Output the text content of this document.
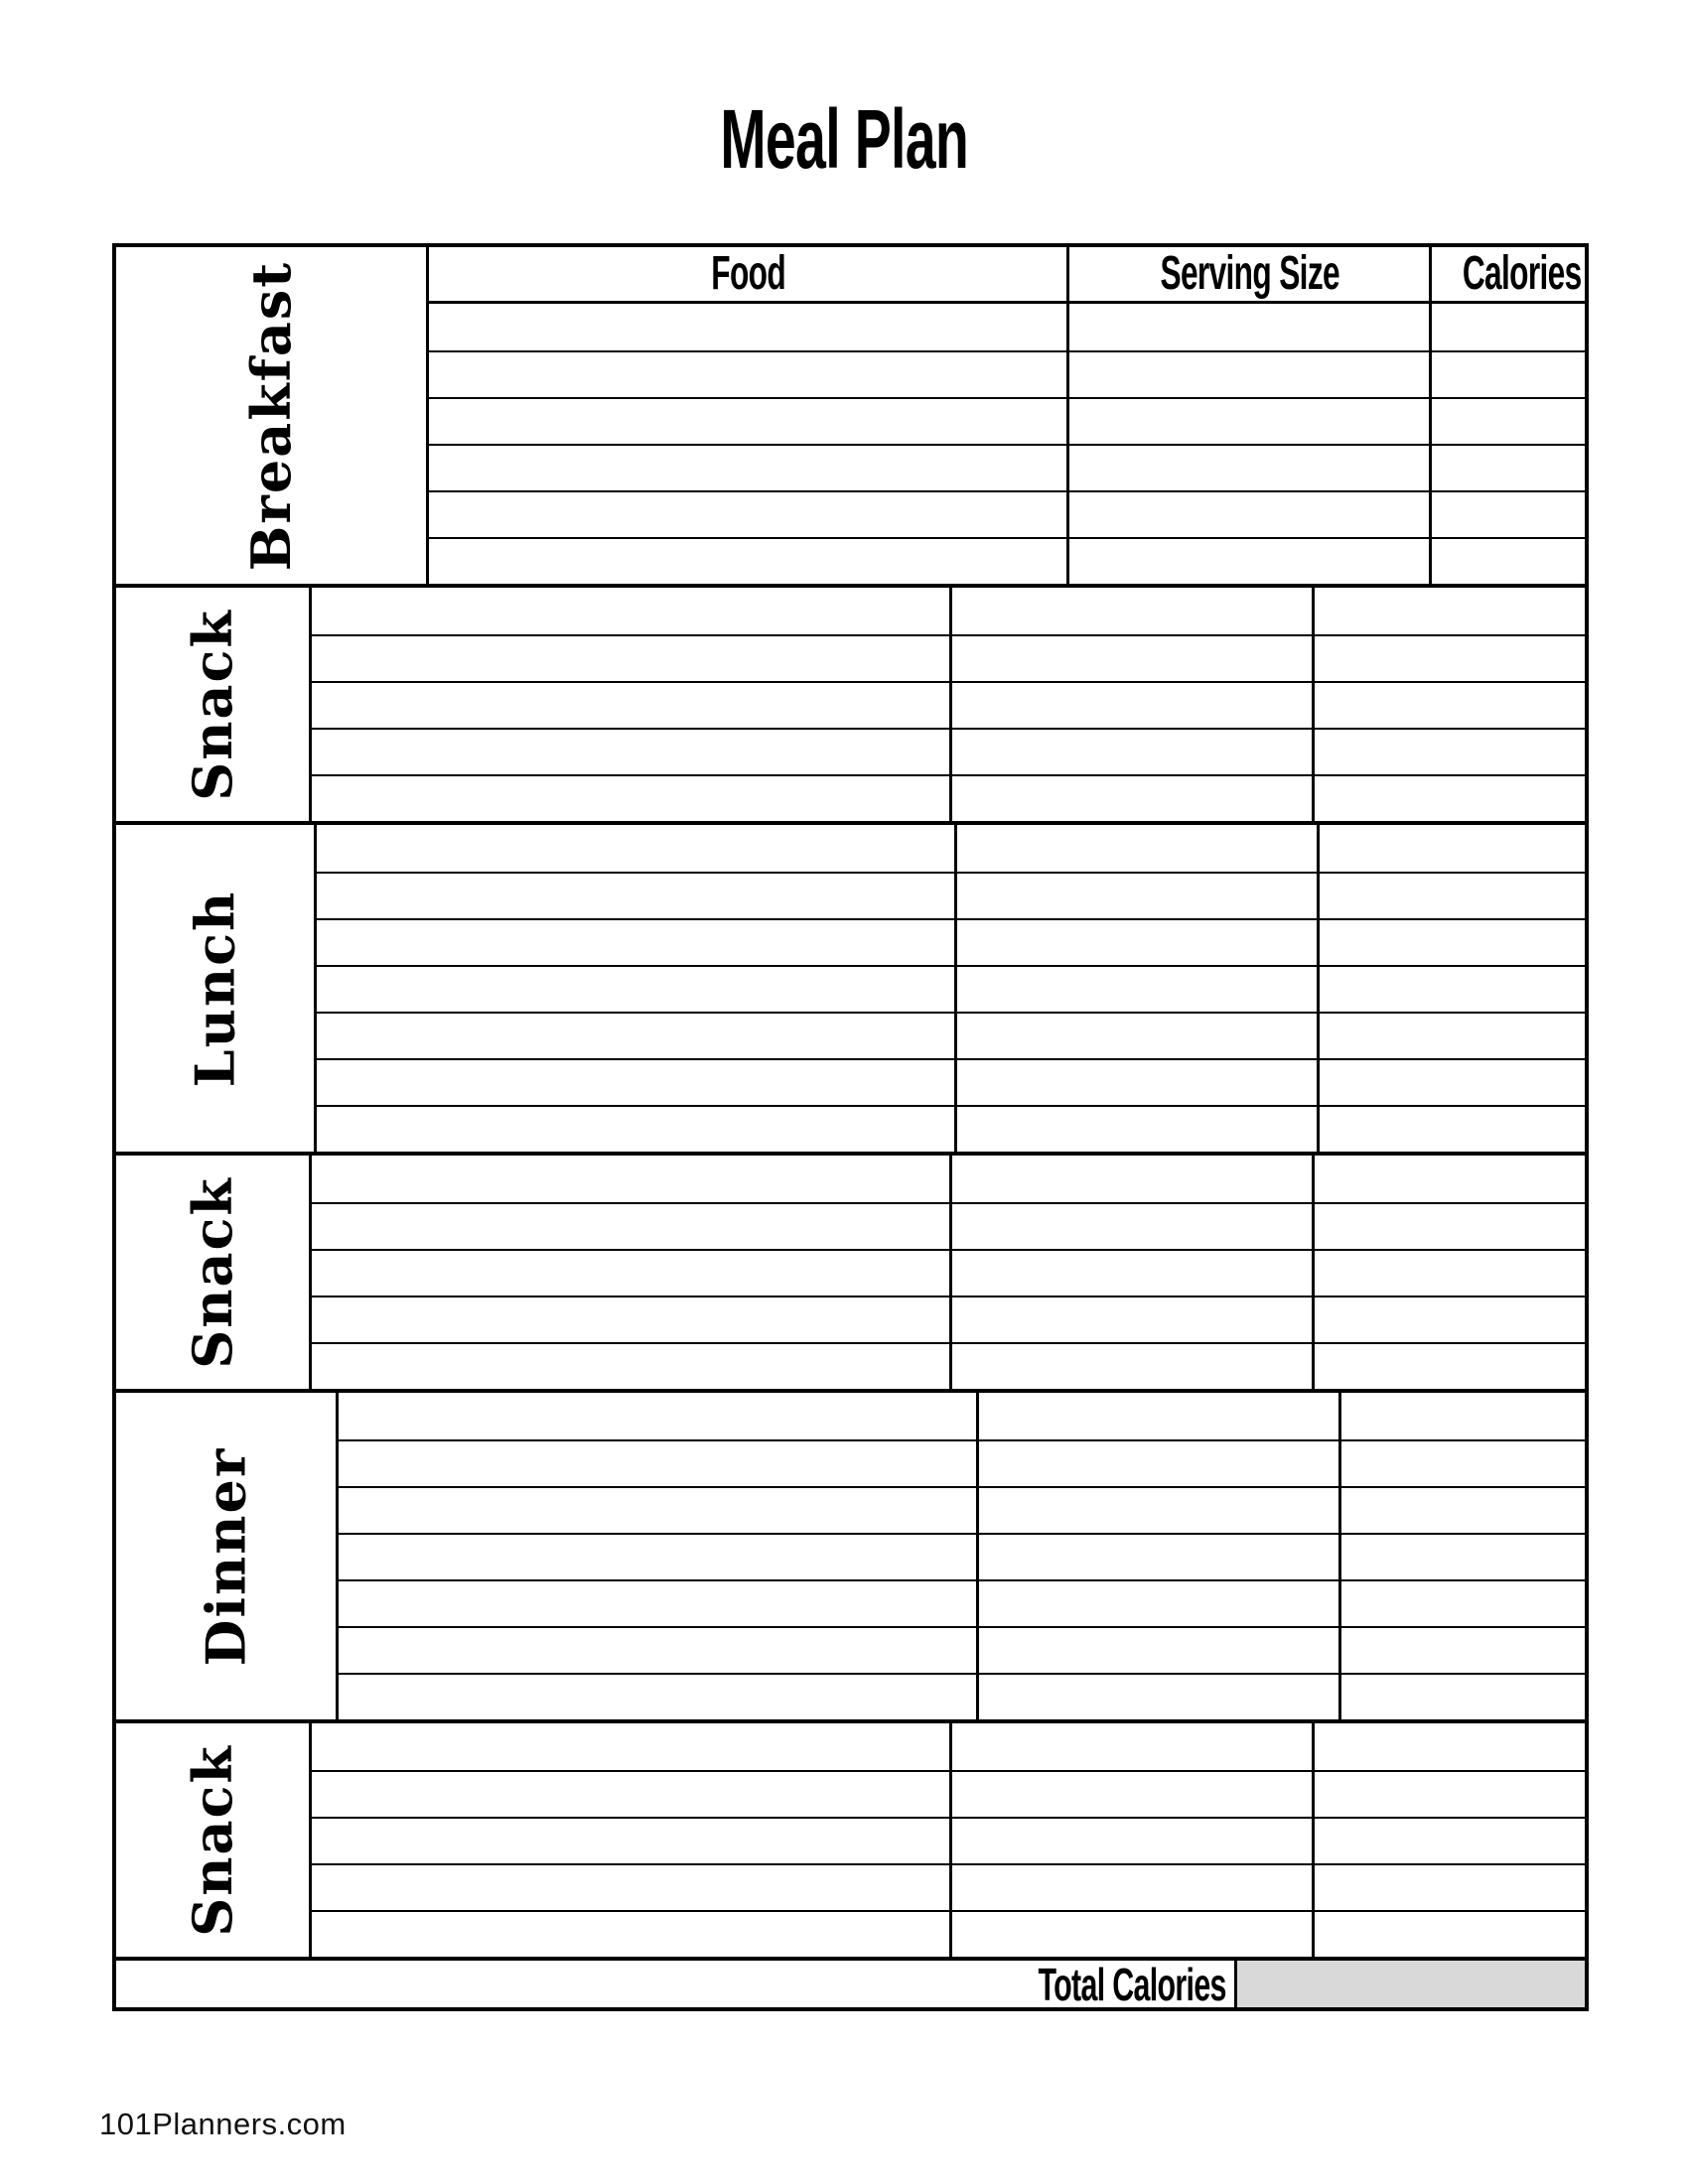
Meal Plan
Breakfast	Food	Serving Size	Calories
Snack
Lunch
Snack
Dinner
Snack
Total Calories
101Planners.com
